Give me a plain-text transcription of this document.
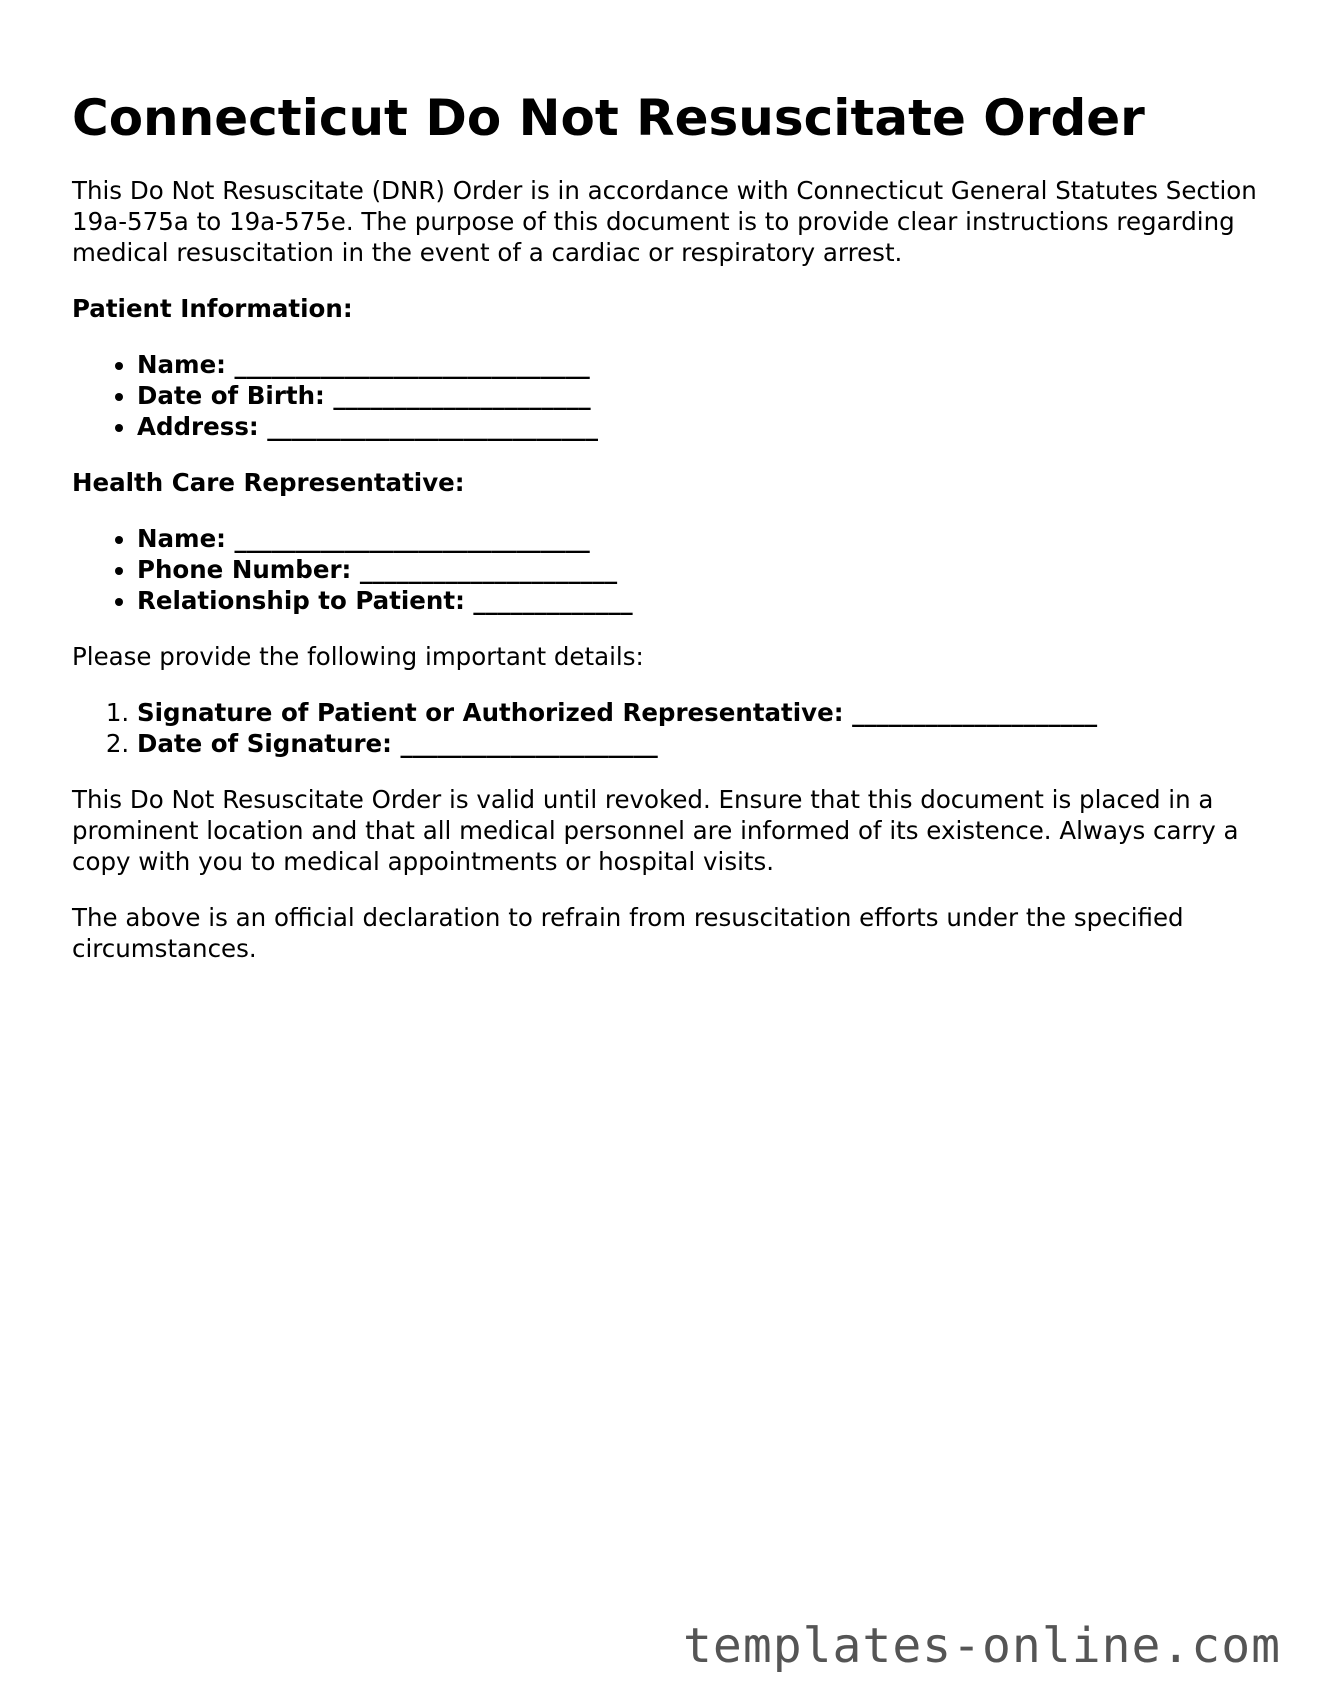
Connecticut Do Not Resuscitate Order

This Do Not Resuscitate (DNR) Order is in accordance with Connecticut General Statutes Section 19a-575a to 19a-575e. The purpose of this document is to provide clear instructions regarding medical resuscitation in the event of a cardiac or respiratory arrest.

Patient Information:

• Name: _____________________________
• Date of Birth: _____________________
• Address: ___________________________

Health Care Representative:

• Name: _____________________________
• Phone Number: _____________________
• Relationship to Patient: _____________

Please provide the following important details:

1. Signature of Patient or Authorized Representative: ____________________
2. Date of Signature: _____________________

This Do Not Resuscitate Order is valid until revoked. Ensure that this document is placed in a prominent location and that all medical personnel are informed of its existence. Always carry a copy with you to medical appointments or hospital visits.

The above is an official declaration to refrain from resuscitation efforts under the specified circumstances.

templates-online.com
